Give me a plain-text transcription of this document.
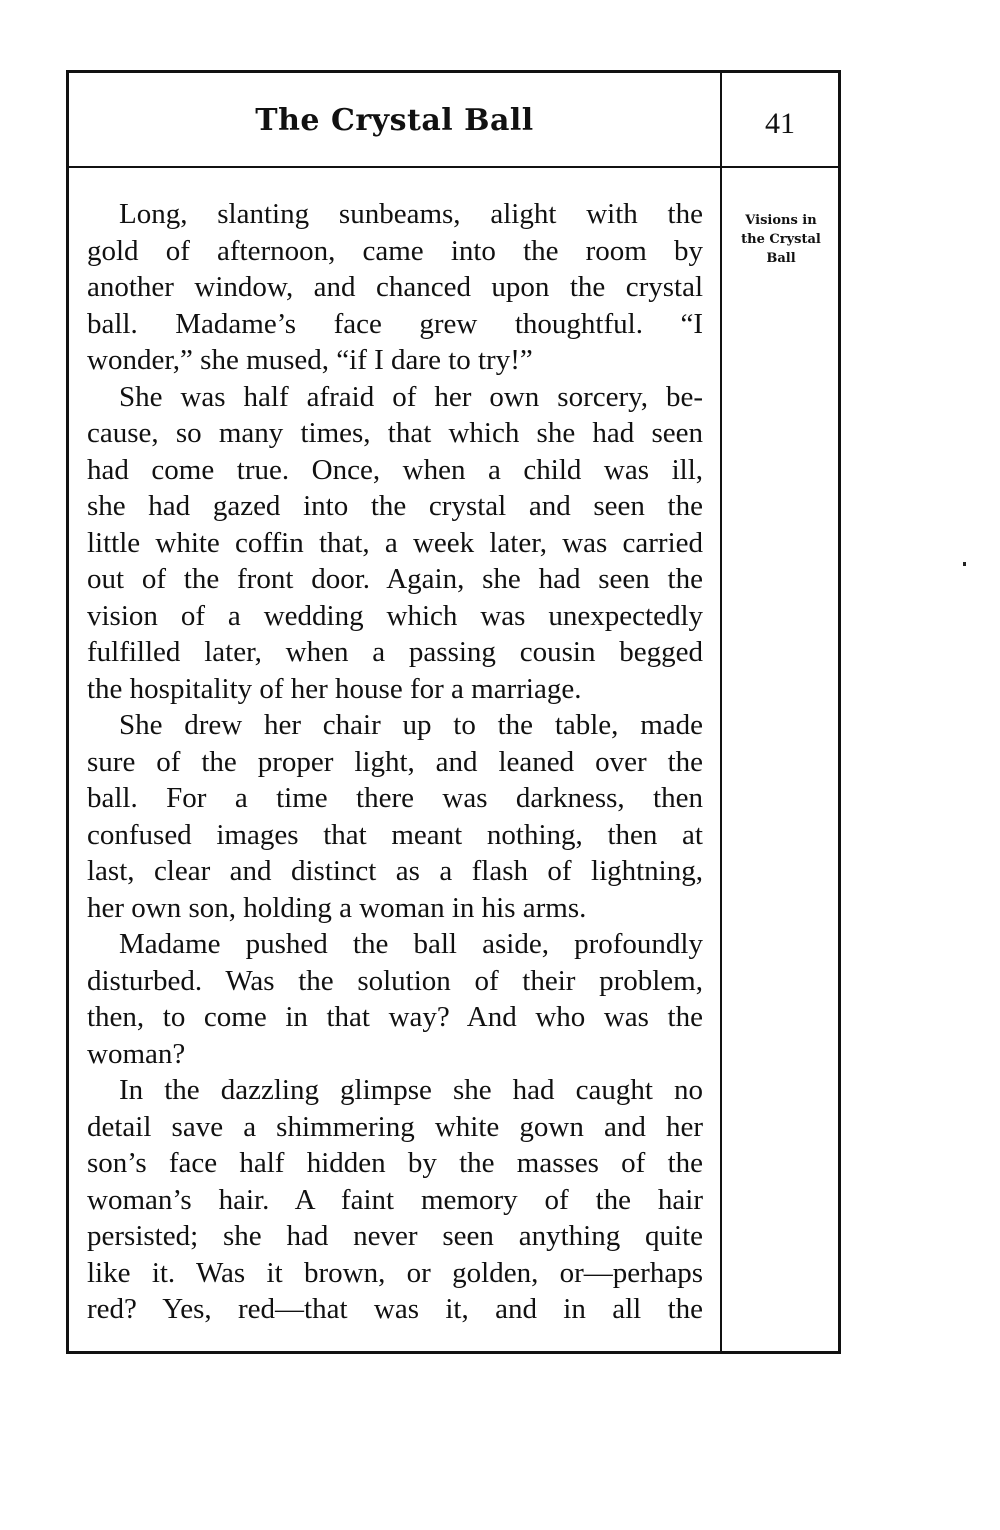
The Crystal Ball
Long, slanting sunbeams, alight with the
gold of afternoon, came into the room by
another window, and chanced upon the crystal
ball. Madame’s face grew thoughtful. “I
wonder,” she mused, “if I dare to try!”
She was half afraid of her own sorcery, be-
cause, so many times, that which she had seen
had come true. Once, when a child was ill,
she had gazed into the crystal and seen the
little white coffin that, a week later, was carried
out of the front door. Again, she had seen the
vision of a wedding which was unexpectedly
fulfilled later, when a passing cousin begged
the hospitality of her house for a marriage.
She drew her chair up to the table, made
sure of the proper light, and leaned over the
ball. For a time there was darkness, then
confused images that meant nothing, then at
last, clear and distinct as a flash of lightning,
her own son, holding a woman in his arms.
Madame pushed the ball aside, profoundly
disturbed. Was the solution of their problem,
then, to come in that way? And who was the
woman?
In the dazzling glimpse she had caught no
detail save a shimmering white gown and her
son’s face half hidden by the masses of the
woman’s hair. A faint memory of the hair
persisted; she had never seen anything quite
like it. Was it brown, or golden, or—perhaps
red? Yes, red—that was it, and in all the
41
Visions in
the Crystal
Ball
